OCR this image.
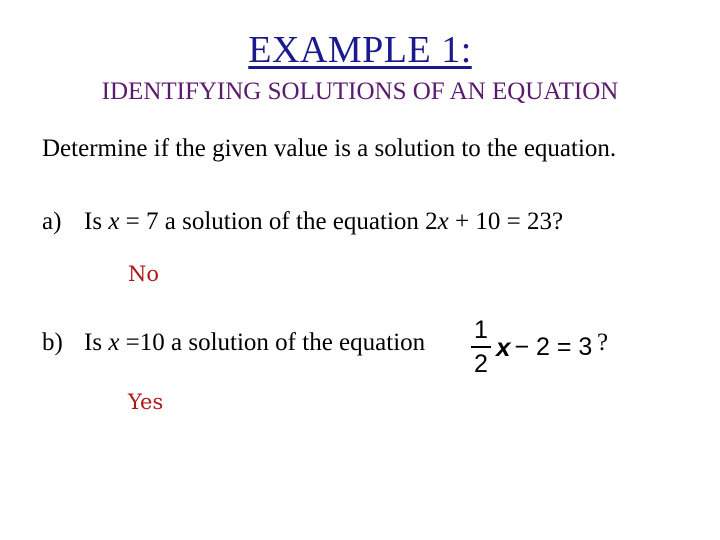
EXAMPLE 1:
IDENTIFYING SOLUTIONS OF AN EQUATION
Determine if the given value is a solution to the equation.
a) Is x = 7 a solution of the equation 2x + 10 = 23?
No
b) Is x =10 a solution of the equation $\frac{1}{2}$ x − 2 = 3 ?
Yes
